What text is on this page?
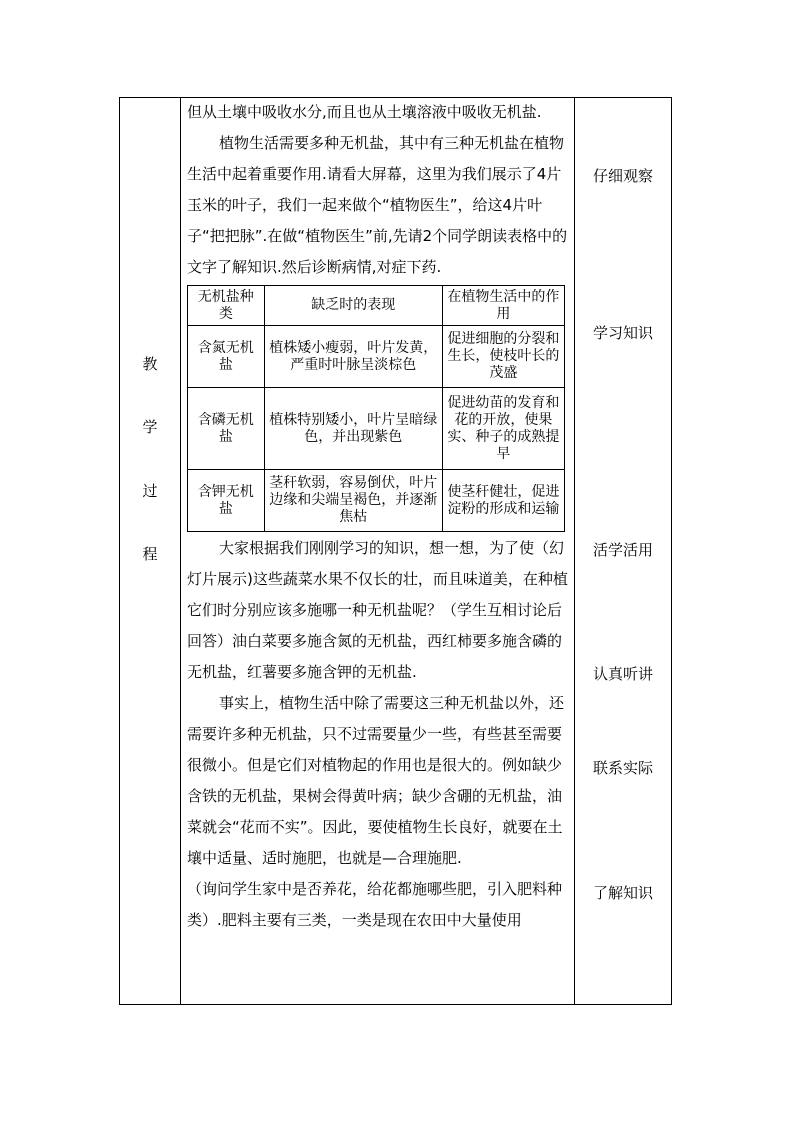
教
学
过
程

但从土壤中吸收水分,而且也从土壤溶液中吸收无机盐.

植物生活需要多种无机盐，其中有三种无机盐在植物生活中起着重要作用.请看大屏幕，这里为我们展示了4片玉米的叶子，我们一起来做个“植物医生”，给这4片叶子“把把脉”.在做“植物医生”前,先请2个同学朗读表格中的文字了解知识.然后诊断病情,对症下药.

无机盐种类	缺乏时的表现	在植物生活中的作用
含氮无机盐	植株矮小瘦弱，叶片发黄，严重时叶脉呈淡棕色	促进细胞的分裂和生长，使枝叶长的茂盛
含磷无机盐	植株特别矮小，叶片呈暗绿色，并出现紫色	促进幼苗的发育和花的开放，使果实、种子的成熟提早
含钾无机盐	茎秆软弱，容易倒伏，叶片边缘和尖端呈褐色，并逐渐焦枯	使茎秆健壮，促进淀粉的形成和运输

大家根据我们刚刚学习的知识，想一想，为了使（幻灯片展示)这些蔬菜水果不仅长的壮，而且味道美，在种植它们时分别应该多施哪一种无机盐呢？（学生互相讨论后回答）油白菜要多施含氮的无机盐，西红柿要多施含磷的无机盐，红薯要多施含钾的无机盐.

事实上，植物生活中除了需要这三种无机盐以外，还需要许多种无机盐，只不过需要量少一些，有些甚至需要很微小。但是它们对植物起的作用也是很大的。例如缺少含铁的无机盐，果树会得黄叶病；缺少含硼的无机盐，油菜就会“花而不实”。因此，要使植物生长良好，就要在土壤中适量、适时施肥，也就是—合理施肥.

（询问学生家中是否养花，给花都施哪些肥，引入肥料种类）.肥料主要有三类，一类是现在农田中大量使用

仔细观察
学习知识
活学活用
认真听讲
联系实际
了解知识
